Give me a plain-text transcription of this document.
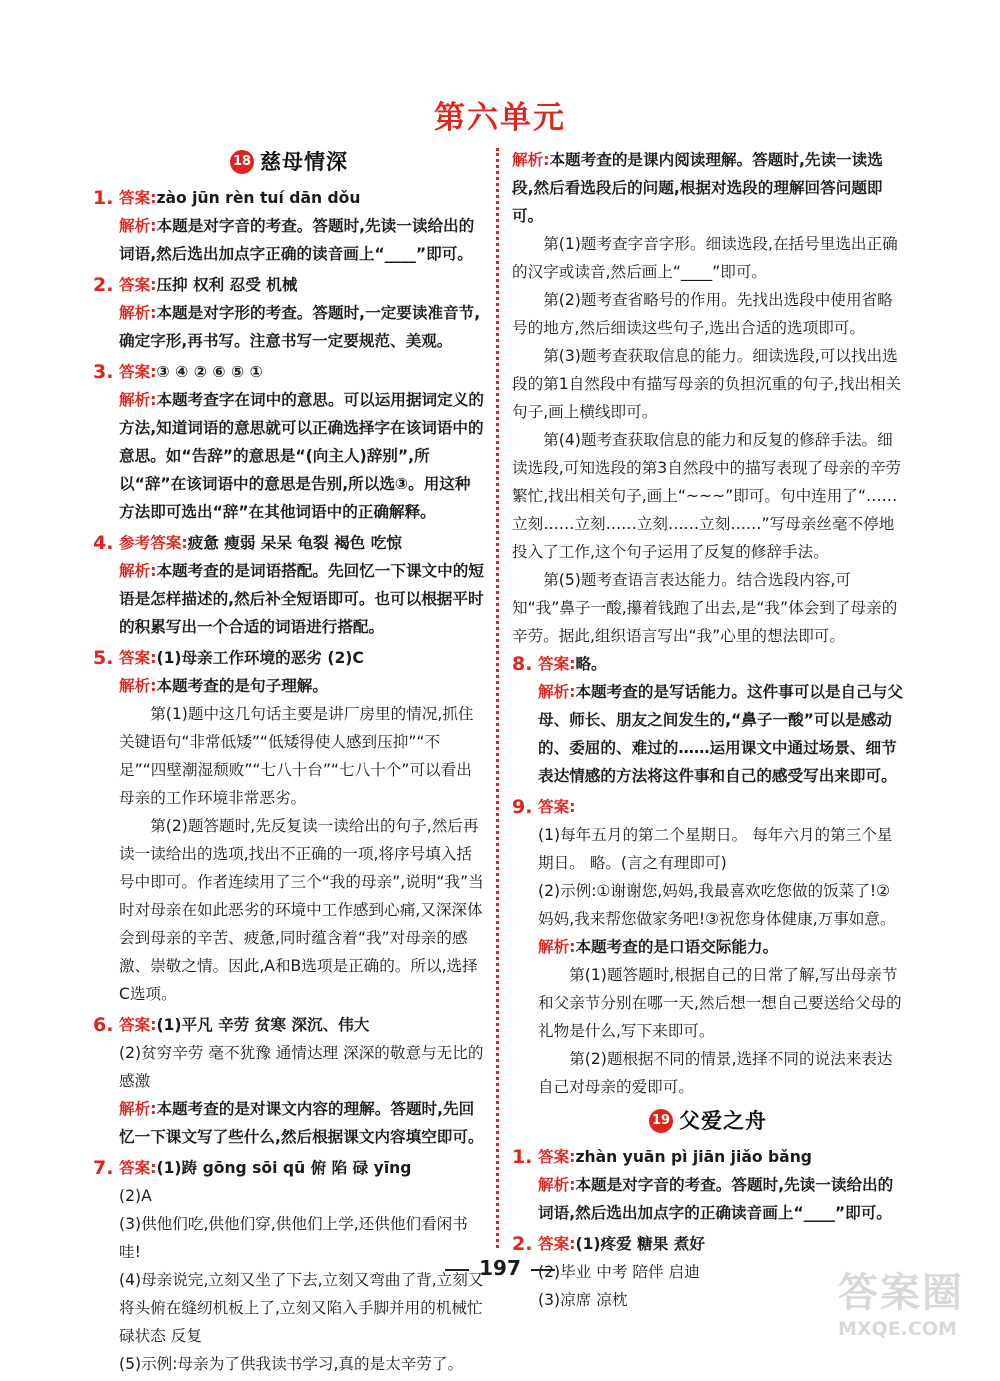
第六单元
18 慈母情深
1. 答案:zào jūn rèn tuí dān dǒu
解析:本题是对字音的考查。答题时,先读一读给出的词语,然后选出加点字正确的读音画上“____”即可。
2. 答案:压抑 权利 忍受 机械
解析:本题是对字形的考查。答题时,一定要读准音节,确定字形,再书写。注意书写一定要规范、美观。
3. 答案:③ ④ ② ⑥ ⑤ ①
解析:本题考查字在词中的意思。可以运用据词定义的方法,知道词语的意思就可以正确选择字在该词语中的意思。如“告辞”的意思是“(向主人)辞别”,所以“辞”在该词语中的意思是告别,所以选③。用这种方法即可选出“辞”在其他词语中的正确解释。
4. 参考答案:疲惫 瘦弱 呆呆 龟裂 褐色 吃惊
解析:本题考查的是词语搭配。先回忆一下课文中的短语是怎样描述的,然后补全短语即可。也可以根据平时的积累写出一个合适的词语进行搭配。
5. 答案:(1)母亲工作环境的恶劣 (2)C
解析:本题考查的是句子理解。
第(1)题中这几句话主要是讲厂房里的情况,抓住关键语句“非常低矮”“低矮得使人感到压抑”“不足”“四壁潮湿颓败”“七八十台”“七八十个”可以看出母亲的工作环境非常恶劣。
第(2)题答题时,先反复读一读给出的句子,然后再读一读给出的选项,找出不正确的一项,将序号填入括号中即可。作者连续用了三个“我的母亲”,说明“我”当时对母亲在如此恶劣的环境中工作感到心痛,又深深体会到母亲的辛苦、疲惫,同时蕴含着“我”对母亲的感激、崇敬之情。因此,A和B选项是正确的。所以,选择C选项。
6. 答案:(1)平凡 辛劳 贫寒 深沉、伟大
(2)贫穷辛劳 毫不犹豫 通情达理 深深的敬意与无比的感激
解析:本题考查的是对课文内容的理解。答题时,先回忆一下课文写了些什么,然后根据课文内容填空即可。
7. 答案:(1)踌 gōng sōi qū 俯 陷 碌 yīng
(2)A
(3)供他们吃,供他们穿,供他们上学,还供他们看闲书哇!
(4)母亲说完,立刻又坐了下去,立刻又弯曲了背,立刻又将头俯在缝纫机板上了,立刻又陷入手脚并用的机械忙碌状态 反复
(5)示例:母亲为了供我读书学习,真的是太辛劳了。
解析:本题考查的是课内阅读理解。答题时,先读一读选段,然后看选段后的问题,根据对选段的理解回答问题即可。
第(1)题考查字音字形。细读选段,在括号里选出正确的汉字或读音,然后画上“____”即可。
第(2)题考查省略号的作用。先找出选段中使用省略号的地方,然后细读这些句子,选出合适的选项即可。
第(3)题考查获取信息的能力。细读选段,可以找出选段的第1自然段中有描写母亲的负担沉重的句子,找出相关句子,画上横线即可。
第(4)题考查获取信息的能力和反复的修辞手法。细读选段,可知选段的第3自然段中的描写表现了母亲的辛劳繁忙,找出相关句子,画上“~~~”即可。句中连用了“……立刻……立刻……立刻……立刻……”写母亲丝毫不停地投入了工作,这个句子运用了反复的修辞手法。
第(5)题考查语言表达能力。结合选段内容,可知“我”鼻子一酸,攥着钱跑了出去,是“我”体会到了母亲的辛劳。据此,组织语言写出“我”心里的想法即可。
8. 答案:略。
解析:本题考查的是写话能力。这件事可以是自己与父母、师长、朋友之间发生的,“鼻子一酸”可以是感动的、委屈的、难过的……运用课文中通过场景、细节表达情感的方法将这件事和自己的感受写出来即可。
9. 答案:
(1)每年五月的第二个星期日。 每年六月的第三个星期日。 略。(言之有理即可)
(2)示例:①谢谢您,妈妈,我最喜欢吃您做的饭菜了!②妈妈,我来帮您做家务吧!③祝您身体健康,万事如意。
解析:本题考查的是口语交际能力。
第(1)题答题时,根据自己的日常了解,写出母亲节和父亲节分别在哪一天,然后想一想自己要送给父母的礼物是什么,写下来即可。
第(2)题根据不同的情景,选择不同的说法来表达自己对母亲的爱即可。
19 父爱之舟
1. 答案:zhàn yuān pì jiān jiǎo bǎng
解析:本题是对字音的考查。答题时,先读一读给出的词语,然后选出加点字的正确读音画上“____”即可。
2. 答案:(1)疼爱 糖果 煮好
(2)毕业 中考 陪伴 启迪
(3)凉席 凉枕
197
答案圈
MXQE.COM
